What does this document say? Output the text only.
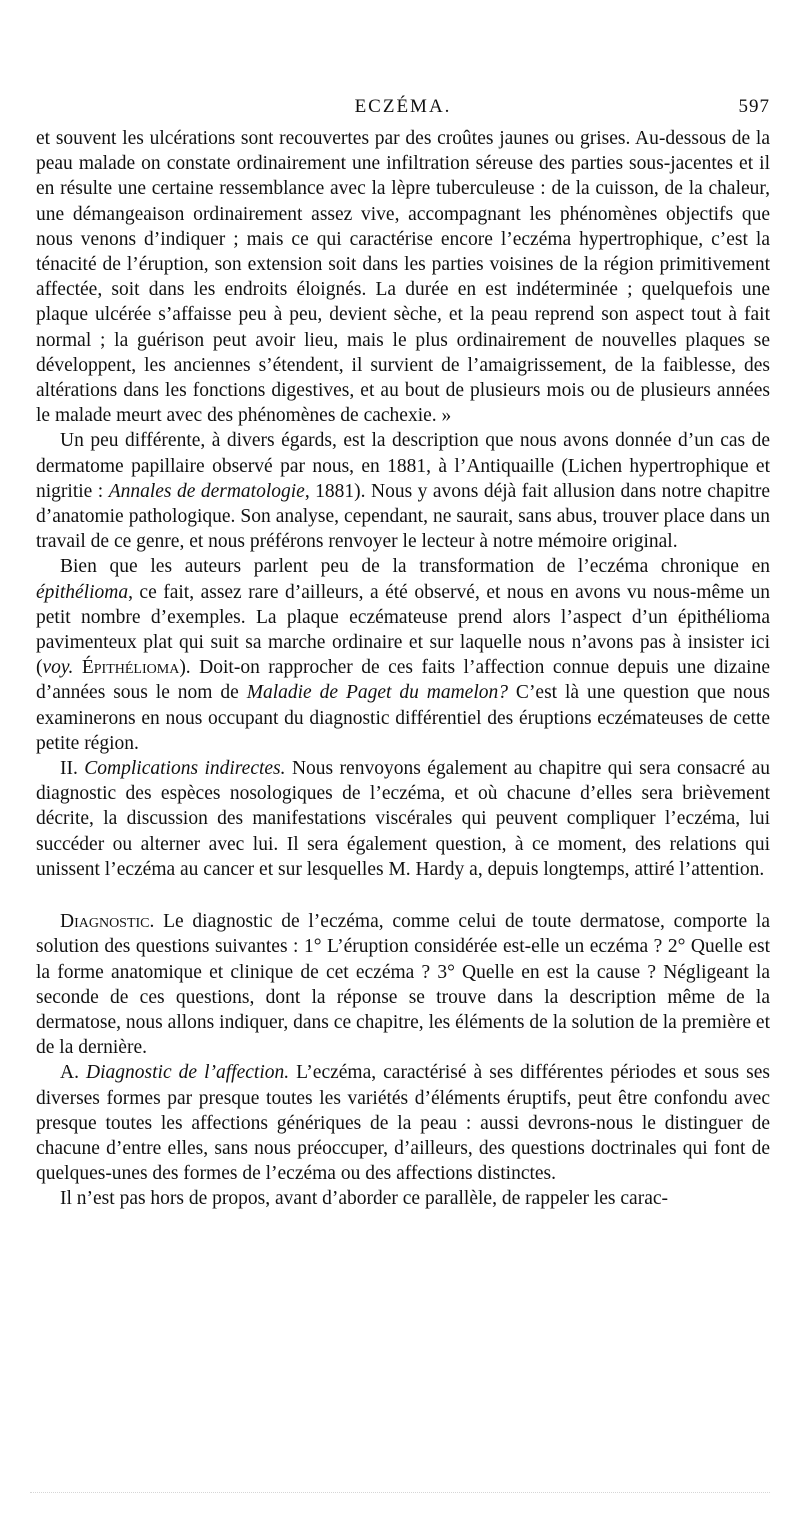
ECZÉMA.	597

et souvent les ulcérations sont recouvertes par des croûtes jaunes ou grises. Au-dessous de la peau malade on constate ordinairement une infiltration séreuse des parties sous-jacentes et il en résulte une certaine ressemblance avec la lèpre tuberculeuse : de la cuisson, de la chaleur, une démangeaison ordinairement assez vive, accompagnant les phénomènes objectifs que nous venons d’indiquer ; mais ce qui caractérise encore l’eczéma hypertrophique, c’est la ténacité de l’éruption, son extension soit dans les parties voisines de la région primitivement affectée, soit dans les endroits éloignés. La durée en est indéterminée ; quelquefois une plaque ulcérée s’affaisse peu à peu, devient sèche, et la peau reprend son aspect tout à fait normal ; la guérison peut avoir lieu, mais le plus ordinairement de nouvelles plaques se développent, les anciennes s’étendent, il survient de l’amaigrissement, de la faiblesse, des altérations dans les fonctions digestives, et au bout de plusieurs mois ou de plusieurs années le malade meurt avec des phénomènes de cachexie. »

Un peu différente, à divers égards, est la description que nous avons donnée d’un cas de dermatome papillaire observé par nous, en 1881, à l’Antiquaille (Lichen hypertrophique et nigritie : Annales de dermatologie, 1881). Nous y avons déjà fait allusion dans notre chapitre d’anatomie pathologique. Son analyse, cependant, ne saurait, sans abus, trouver place dans un travail de ce genre, et nous préférons renvoyer le lecteur à notre mémoire original.

Bien que les auteurs parlent peu de la transformation de l’eczéma chronique en épithélioma, ce fait, assez rare d’ailleurs, a été observé, et nous en avons vu nous-même un petit nombre d’exemples. La plaque eczémateuse prend alors l’aspect d’un épithélioma pavimenteux plat qui suit sa marche ordinaire et sur laquelle nous n’avons pas à insister ici (voy. Épithélioma). Doit-on rapprocher de ces faits l’affection connue depuis une dizaine d’années sous le nom de Maladie de Paget du mamelon? C’est là une question que nous examinerons en nous occupant du diagnostic différentiel des éruptions eczémateuses de cette petite région.

II. Complications indirectes. Nous renvoyons également au chapitre qui sera consacré au diagnostic des espèces nosologiques de l’eczéma, et où chacune d’elles sera brièvement décrite, la discussion des manifestations viscérales qui peuvent compliquer l’eczéma, lui succéder ou alterner avec lui. Il sera également question, à ce moment, des relations qui unissent l’eczéma au cancer et sur lesquelles M. Hardy a, depuis longtemps, attiré l’attention.

Diagnostic. Le diagnostic de l’eczéma, comme celui de toute dermatose, comporte la solution des questions suivantes : 1° L’éruption considérée est-elle un eczéma ? 2° Quelle est la forme anatomique et clinique de cet eczéma ? 3° Quelle en est la cause ? Négligeant la seconde de ces questions, dont la réponse se trouve dans la description même de la dermatose, nous allons indiquer, dans ce chapitre, les éléments de la solution de la première et de la dernière.

A. Diagnostic de l’affection. L’eczéma, caractérisé à ses différentes périodes et sous ses diverses formes par presque toutes les variétés d’éléments éruptifs, peut être confondu avec presque toutes les affections génériques de la peau : aussi devrons-nous le distinguer de chacune d’entre elles, sans nous préoccuper, d’ailleurs, des questions doctrinales qui font de quelques-unes des formes de l’eczéma ou des affections distinctes.

Il n’est pas hors de propos, avant d’aborder ce parallèle, de rappeler les carac-
